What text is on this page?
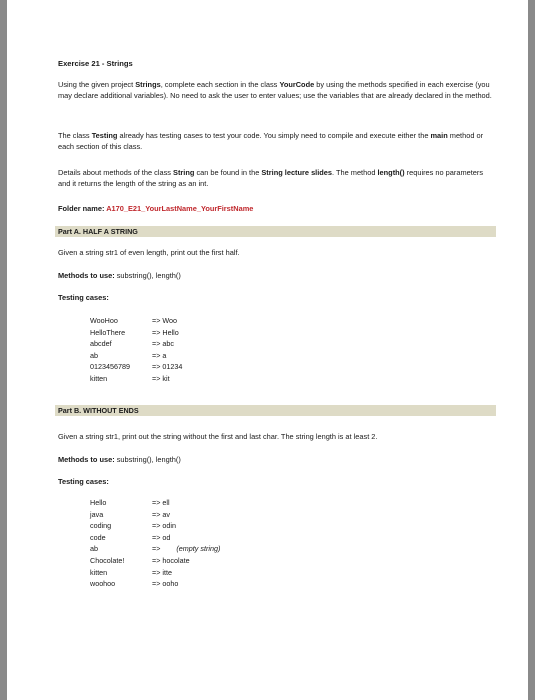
Exercise 21 - Strings

Using the given project Strings, complete each section in the class YourCode by using the methods specified in each exercise (you may declare additional variables). No need to ask the user to enter values; use the variables that are already declared in the method.

The class Testing already has testing cases to test your code. You simply need to compile and execute either the main method or each section of this class.

Details about methods of the class String can be found in the String lecture slides. The method length() requires no parameters and it returns the length of the string as an int.

Folder name: A170_E21_YourLastName_YourFirstName

Part A. HALF A STRING

Given a string str1 of even length, print out the first half.

Methods to use: substring(), length()

Testing cases:

WooHoo	=> Woo
HelloThere	=> Hello
abcdef	=> abc
ab	=> a
0123456789	=> 01234
kitten	=> kit
Part B. WITHOUT ENDS

Given a string str1, print out the string without the first and last char. The string length is at least 2.

Methods to use: substring(), length()

Testing cases:

Hello	=> ell
java	=> av
coding	=> odin
code	=> od
ab	=> (empty string)
Chocolate!	=> hocolate
kitten	=> itte
woohoo	=> ooho
